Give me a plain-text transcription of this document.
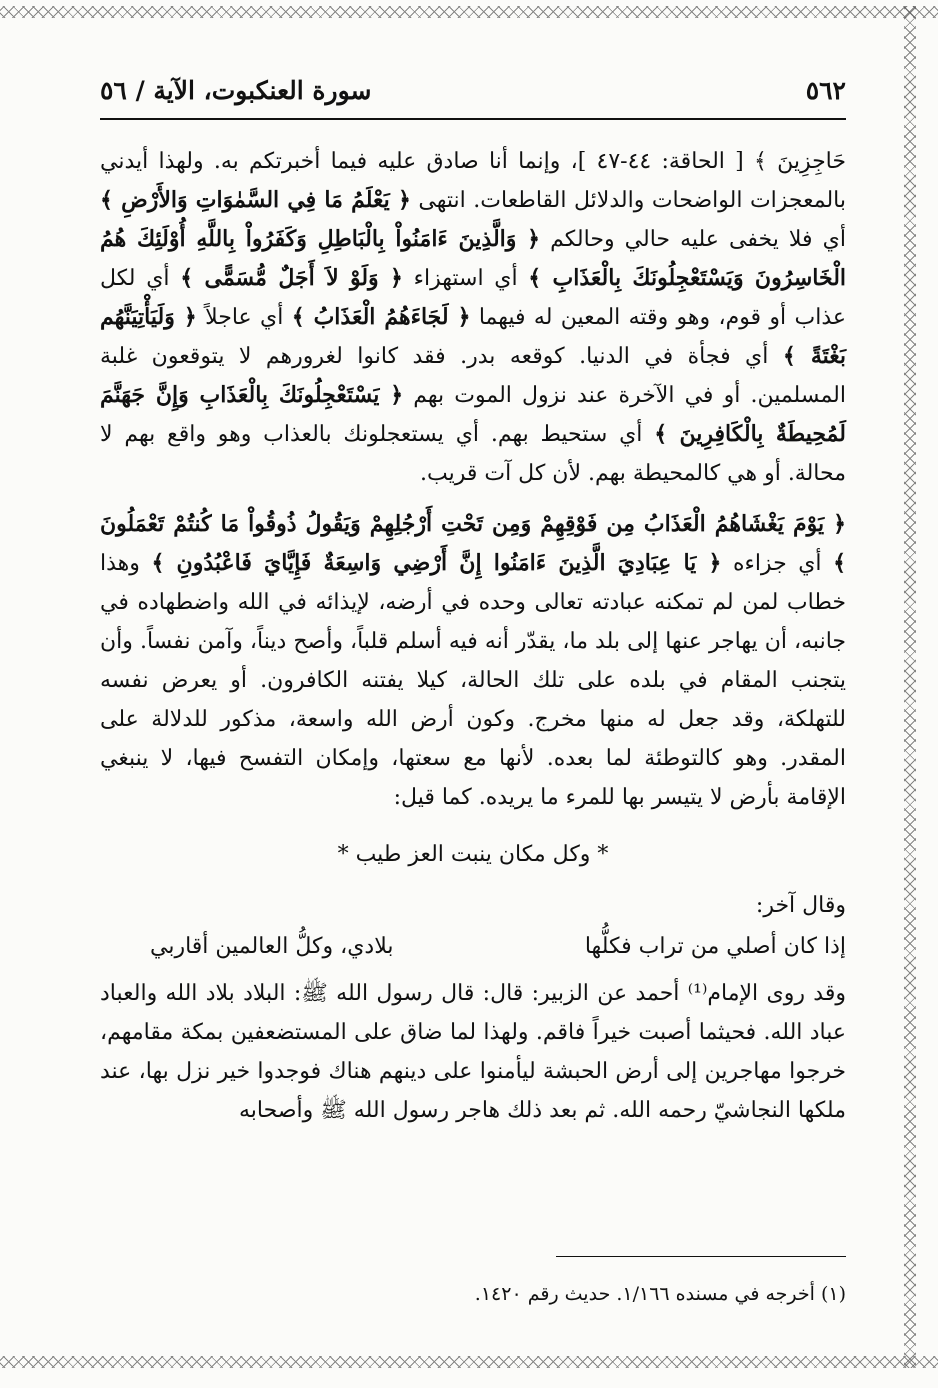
٥٦٢
سورة العنكبوت، الآية / ٥٦

حَاجِزِينَ ﴾ [ الحاقة: ٤٤-٤٧ ]، وإنما أنا صادق عليه فيما أخبرتكم به. ولهذا أيدني بالمعجزات الواضحات والدلائل القاطعات. انتهى ﴿ يَعْلَمُ مَا فِي السَّمٰوَاتِ وَالأَرْضِ ﴾ أي فلا يخفى عليه حالي وحالكم ﴿ وَالَّذِينَ ءَامَنُواْ بِالْبَاطِلِ وَكَفَرُواْ بِاللَّهِ أُوْلَئِكَ هُمُ الْخَاسِرُونَ وَيَسْتَعْجِلُونَكَ بِالْعَذَابِ ﴾ أي استهزاء ﴿ وَلَوْ لاَ أَجَلٌ مُّسَمًّى ﴾ أي لكل عذاب أو قوم، وهو وقته المعين له فيهما ﴿ لَجَاءَهُمُ الْعَذَابُ ﴾ أي عاجلاً ﴿ وَلَيَأْتِيَنَّهُم بَغْتَةً ﴾ أي فجأة في الدنيا. كوقعه بدر. فقد كانوا لغرورهم لا يتوقعون غلبة المسلمين. أو في الآخرة عند نزول الموت بهم ﴿ يَسْتَعْجِلُونَكَ بِالْعَذَابِ وَإِنَّ جَهَنَّمَ لَمُحِيطَةٌ بِالْكَافِرِينَ ﴾ أي ستحيط بهم. أي يستعجلونك بالعذاب وهو واقع بهم لا محالة. أو هي كالمحيطة بهم. لأن كل آت قريب.

﴿ يَوْمَ يَغْشَاهُمُ الْعَذَابُ مِن فَوْقِهِمْ وَمِن تَحْتِ أَرْجُلِهِمْ وَيَقُولُ ذُوقُواْ مَا كُنتُمْ تَعْمَلُونَ ﴾ أي جزاءه ﴿ يَا عِبَادِيَ الَّذِينَ ءَامَنُوا إِنَّ أَرْضِي وَاسِعَةٌ فَإِيَّايَ فَاعْبُدُونِ ﴾ وهذا خطاب لمن لم تمكنه عبادته تعالى وحده في أرضه، لإيذائه في الله واضطهاده في جانبه، أن يهاجر عنها إلى بلد ما، يقدّر أنه فيه أسلم قلباً، وأصح ديناً، وآمن نفساً. وأن يتجنب المقام في بلده على تلك الحالة، كيلا يفتنه الكافرون. أو يعرض نفسه للتهلكة، وقد جعل له منها مخرج. وكون أرض الله واسعة، مذكور للدلالة على المقدر. وهو كالتوطئة لما بعده. لأنها مع سعتها، وإمكان التفسح فيها، لا ينبغي الإقامة بأرض لا يتيسر بها للمرء ما يريده. كما قيل:

* وكل مكان ينبت العز طيب *

وقال آخر:

إذا كان أصلي من تراب فكلُّها
بلادي، وكلُّ العالمين أقاربي

وقد روى الإمام⁽¹⁾ أحمد عن الزبير: قال: قال رسول الله ﷺ: البلاد بلاد الله والعباد عباد الله. فحيثما أصبت خيراً فاقم. ولهذا لما ضاق على المستضعفين بمكة مقامهم، خرجوا مهاجرين إلى أرض الحبشة ليأمنوا على دينهم هناك فوجدوا خير نزل بها، عند ملكها النجاشيّ رحمه الله. ثم بعد ذلك هاجر رسول الله ﷺ وأصحابه

(١) أخرجه في مسنده ١/١٦٦. حديث رقم ١٤٢٠.
